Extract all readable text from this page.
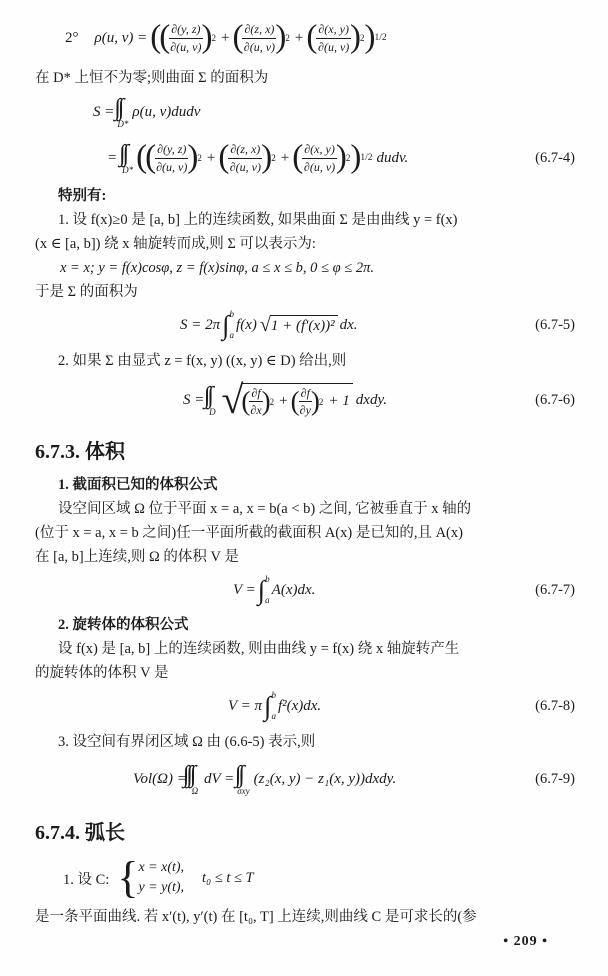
2° ρ(u, v) = (
( $\frac{\partial(y, z)}{\partial(u, v)}$ ) 2 + ( $\frac{\partial(z, x)}{\partial(u, v)}$ ) 2 + ( $\frac{\partial(x, y)}{\partial(u, v)}$ ) 2 ) 1/2
在 D* 上恒不为零;则曲面 Σ 的面积为
S =
D*
ρ(u, v)dudv
=
D* (
( $\frac{\partial(y, z)}{\partial(u, v)}$ ) 2 + ( $\frac{\partial(z, x)}{\partial(u, v)}$ ) 2 + ( $\frac{\partial(x, y)}{\partial(u, v)}$ ) 2 ) 1/2 dudv.	(6.7-4)
特别有:
1. 设 f(x)≥0 是 [a, b] 上的连续函数, 如果曲面 Σ 是由曲线 y = f(x)
(x ∈ [a, b]) 绕 x 轴旋转而成,则 Σ 可以表示为:
x = x; y = f(x)cosφ, z = f(x)sinφ, a ≤ x ≤ b, 0 ≤ φ ≤ 2π.
于是 Σ 的面积为
S = 2π ∫ b
a
f(x) √ 1 + (f′(x))² dx.	(6.7-5)
2. 如果 Σ 由显式 z = f(x, y) ((x, y) ∈ D) 给出,则
S =
D √
( $\frac{\partial f}{\partial x}$ ) 2 + ( $\frac{\partial f}{\partial y}$ ) 2 + 1 dxdy.	(6.7-6)
6.7.3. 体积
1. 截面积已知的体积公式
设空间区域 Ω 位于平面 x = a, x = b(a < b) 之间, 它被垂直于 x 轴的
(位于 x = a, x = b 之间)任一平面所截的截面积 A(x) 是已知的,且 A(x)
在 [a, b]上连续,则 Ω 的体积 V 是
V = ∫ b
a
A(x)dx.	(6.7-7)
2. 旋转体的体积公式
设 f(x) 是 [a, b] 上的连续函数, 则由曲线 y = f(x) 绕 x 轴旋转产生
的旋转体的体积 V 是
V = π ∫ b
a
f²(x)dx.	(6.7-8)
3. 设空间有界闭区域 Ω 由 (6.6-5) 表示,则
Vol(Ω) =
Ω
dV =
σxy
(z₂(x, y) − z₁(x, y))dxdy.	(6.7-9)
6.7.4. 弧长
1. 设 C: { x = x(t),
y = y(t),
t₀ ≤ t ≤ T
是一条平面曲线. 若 x′(t), y′(t) 在 [t₀, T] 上连续,则曲线 C 是可求长的(参
• 209 •
